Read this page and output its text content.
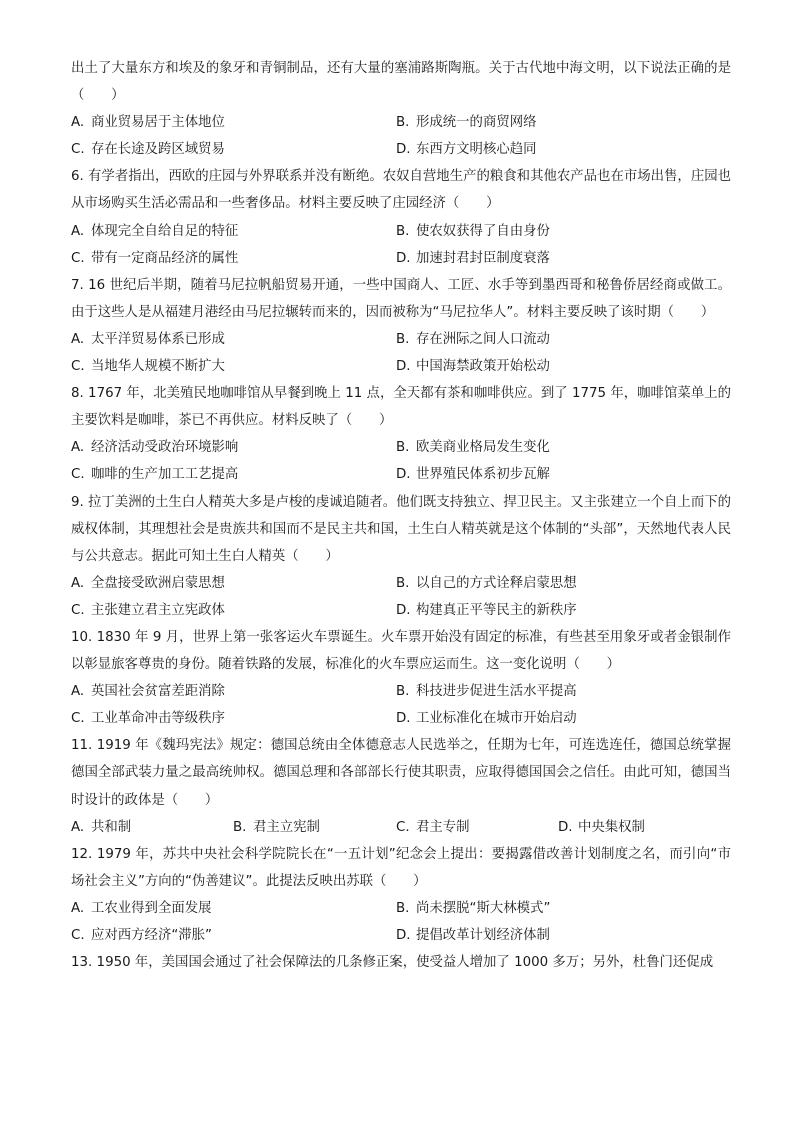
出土了大量东方和埃及的象牙和青铜制品，还有大量的塞浦路斯陶瓶。关于古代地中海文明，以下说法正确的是（　　）

A. 商业贸易居于主体地位	B. 形成统一的商贸网络
C. 存在长途及跨区域贸易	D. 东西方文明核心趋同

6. 有学者指出，西欧的庄园与外界联系并没有断绝。农奴自营地生产的粮食和其他农产品也在市场出售，庄园也从市场购买生活必需品和一些奢侈品。材料主要反映了庄园经济（　　）

A. 体现完全自给自足的特征	B. 使农奴获得了自由身份
C. 带有一定商品经济的属性	D. 加速封君封臣制度衰落

7. 16 世纪后半期，随着马尼拉帆船贸易开通，一些中国商人、工匠、水手等到墨西哥和秘鲁侨居经商或做工。由于这些人是从福建月港经由马尼拉辗转而来的，因而被称为“马尼拉华人”。材料主要反映了该时期（　　）

A. 太平洋贸易体系已形成	B. 存在洲际之间人口流动
C. 当地华人规模不断扩大	D. 中国海禁政策开始松动

8. 1767 年，北美殖民地咖啡馆从早餐到晚上 11 点，全天都有茶和咖啡供应。到了 1775 年，咖啡馆菜单上的主要饮料是咖啡，茶已不再供应。材料反映了（　　）

A. 经济活动受政治环境影响	B. 欧美商业格局发生变化
C. 咖啡的生产加工工艺提高	D. 世界殖民体系初步瓦解

9. 拉丁美洲的土生白人精英大多是卢梭的虔诚追随者。他们既支持独立、捍卫民主。又主张建立一个自上而下的威权体制，其理想社会是贵族共和国而不是民主共和国，土生白人精英就是这个体制的“头部”，天然地代表人民与公共意志。据此可知土生白人精英（　　）

A. 全盘接受欧洲启蒙思想	B. 以自己的方式诠释启蒙思想
C. 主张建立君主立宪政体	D. 构建真正平等民主的新秩序

10. 1830 年 9 月，世界上第一张客运火车票诞生。火车票开始没有固定的标准，有些甚至用象牙或者金银制作以彰显旅客尊贵的身份。随着铁路的发展，标准化的火车票应运而生。这一变化说明（　　）

A. 英国社会贫富差距消除	B. 科技进步促进生活水平提高
C. 工业革命冲击等级秩序	D. 工业标准化在城市开始启动

11. 1919 年《魏玛宪法》规定：德国总统由全体德意志人民选举之，任期为七年，可连选连任，德国总统掌握德国全部武装力量之最高统帅权。德国总理和各部部长行使其职责，应取得德国国会之信任。由此可知，德国当时设计的政体是（　　）

A. 共和制	B. 君主立宪制	C. 君主专制	D. 中央集权制

12. 1979 年，苏共中央社会科学院院长在“一五计划”纪念会上提出：要揭露借改善计划制度之名，而引向“市场社会主义”方向的“伪善建议”。此提法反映出苏联（　　）

A. 工农业得到全面发展	B. 尚未摆脱“斯大林模式”
C. 应对西方经济“滞胀”	D. 提倡改革计划经济体制

13. 1950 年，美国国会通过了社会保障法的几条修正案，使受益人增加了 1000 多万；另外，杜鲁门还促成
